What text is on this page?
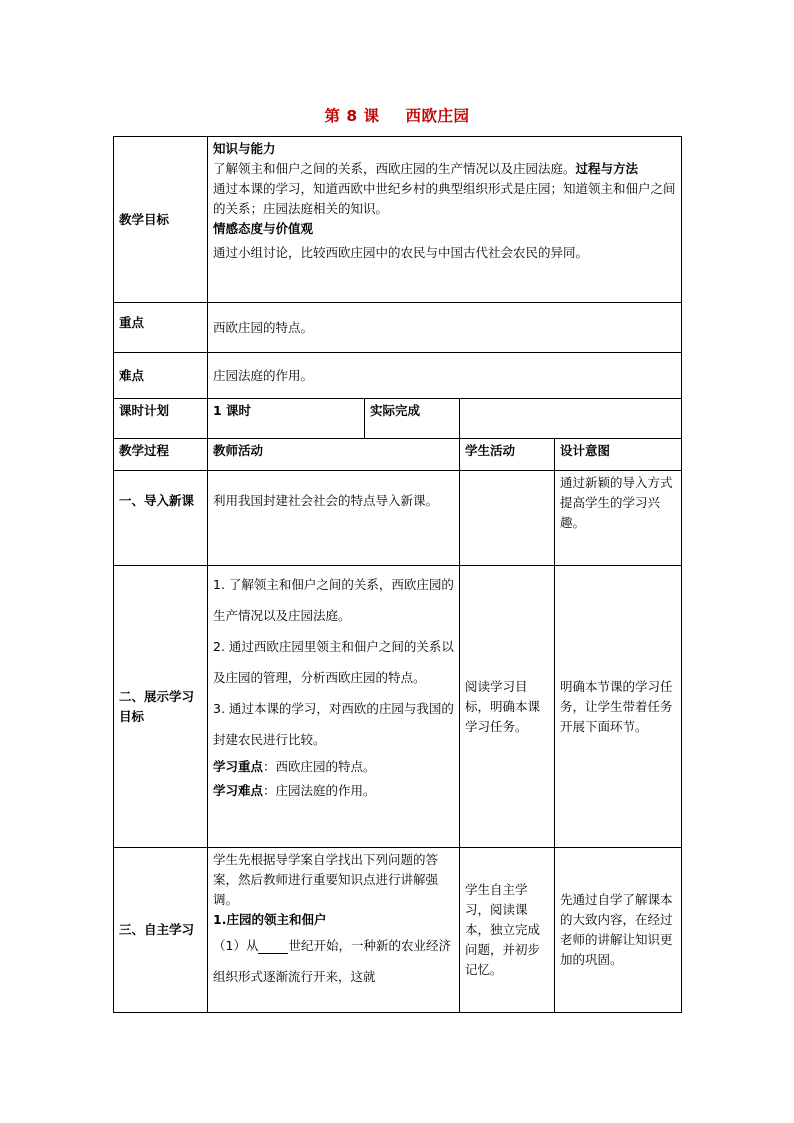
第 8 课 西欧庄园
教学目标	知识与能力

了解领主和佃户之间的关系，西欧庄园的生产情况以及庄园法庭。过程与方法

通过本课的学习，知道西欧中世纪乡村的典型组织形式是庄园；知道领主和佃户之间的关系；庄园法庭相关的知识。

情感态度与价值观

通过小组讨论，比较西欧庄园中的农民与中国古代社会农民的异同。			

重点	西欧庄园的特点。			
难点	庄园法庭的作用。			
课时计划	1 课时	实际完成		
教学过程	教师活动		学生活动	设计意图
一、导入新课	利用我国封建社会社会的特点导入新课。			通过新颖的导入方式提高学生的学习兴趣。
二、展示学习目标	1. 了解领主和佃户之间的关系，西欧庄园的生产情况以及庄园法庭。

2. 通过西欧庄园里领主和佃户之间的关系以及庄园的管理，分析西欧庄园的特点。

3. 通过本课的学习，对西欧的庄园与我国的封建农民进行比较。

学习重点：西欧庄园的特点。

学习难点：庄园法庭的作用。		阅读学习目标，明确本课学习任务。	明确本节课的学习任务，让学生带着任务开展下面环节。
三、自主学习	学生先根据导学案自学找出下列问题的答案，然后教师进行重要知识点进行讲解强调。

1.庄园的领主和佃户

（1）从 世纪开始，一种新的农业经济组织形式逐渐流行开来，这就		学生自主学习，阅读课本，独立完成问题，并初步记忆。	先通过自学了解课本的大致内容，在经过老师的讲解让知识更加的巩固。
